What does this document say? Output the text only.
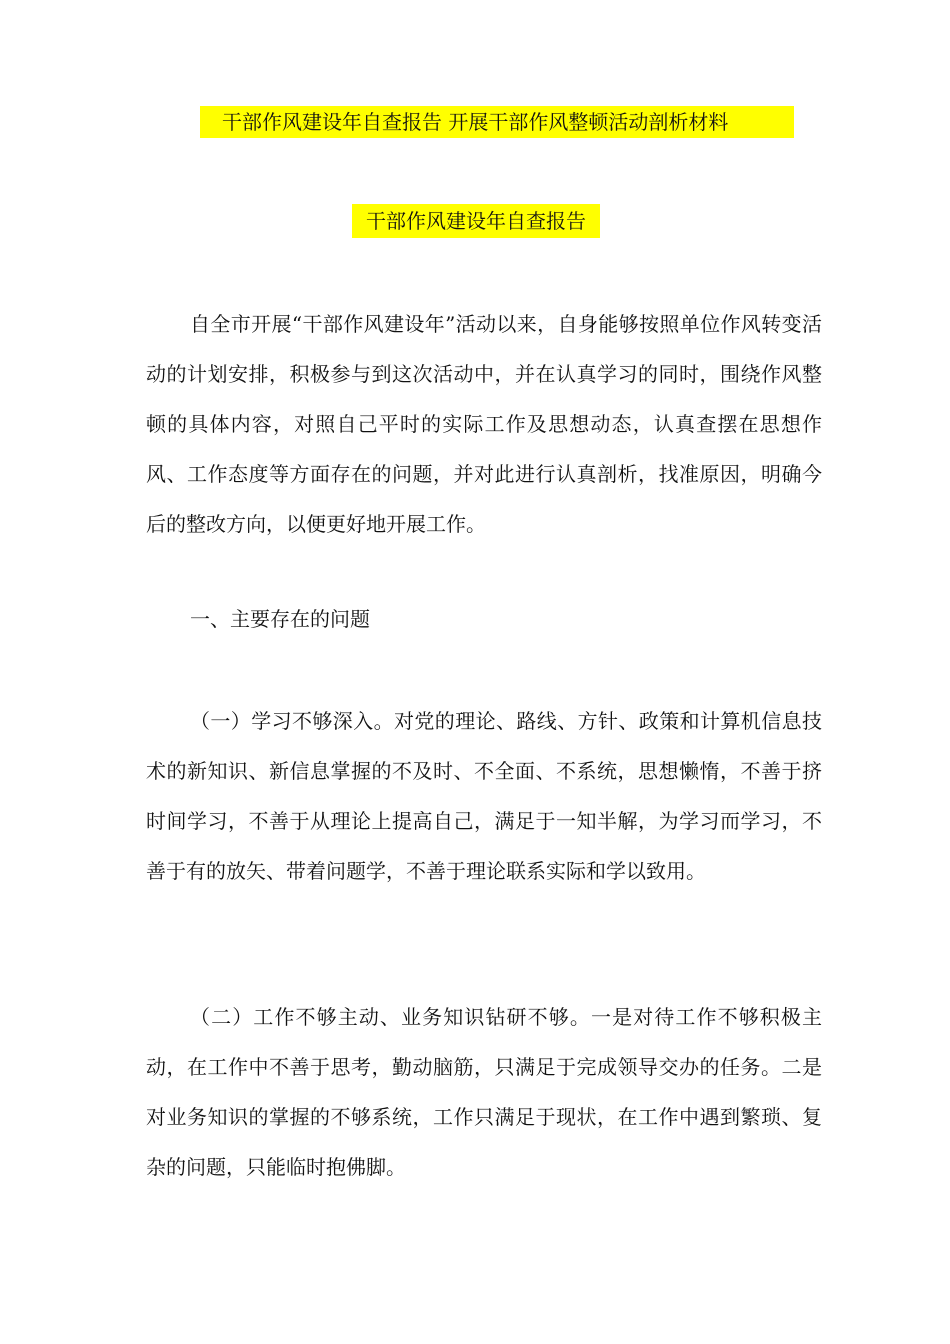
干部作风建设年自查报告 开展干部作风整顿活动剖析材料
干部作风建设年自查报告

自全市开展“干部作风建设年”活动以来，自身能够按照单位作风转变活动的计划安排，积极参与到这次活动中，并在认真学习的同时，围绕作风整顿的具体内容，对照自己平时的实际工作及思想动态，认真查摆在思想作风、工作态度等方面存在的问题，并对此进行认真剖析，找准原因，明确今后的整改方向，以便更好地开展工作。

一、主要存在的问题

（一）学习不够深入。对党的理论、路线、方针、政策和计算机信息技术的新知识、新信息掌握的不及时、不全面、不系统，思想懒惰，不善于挤时间学习，不善于从理论上提高自己，满足于一知半解，为学习而学习，不善于有的放矢、带着问题学，不善于理论联系实际和学以致用。

（二）工作不够主动、业务知识钻研不够。一是对待工作不够积极主动，在工作中不善于思考，勤动脑筋，只满足于完成领导交办的任务。二是对业务知识的掌握的不够系统，工作只满足于现状，在工作中遇到繁琐、复杂的问题，只能临时抱佛脚。
